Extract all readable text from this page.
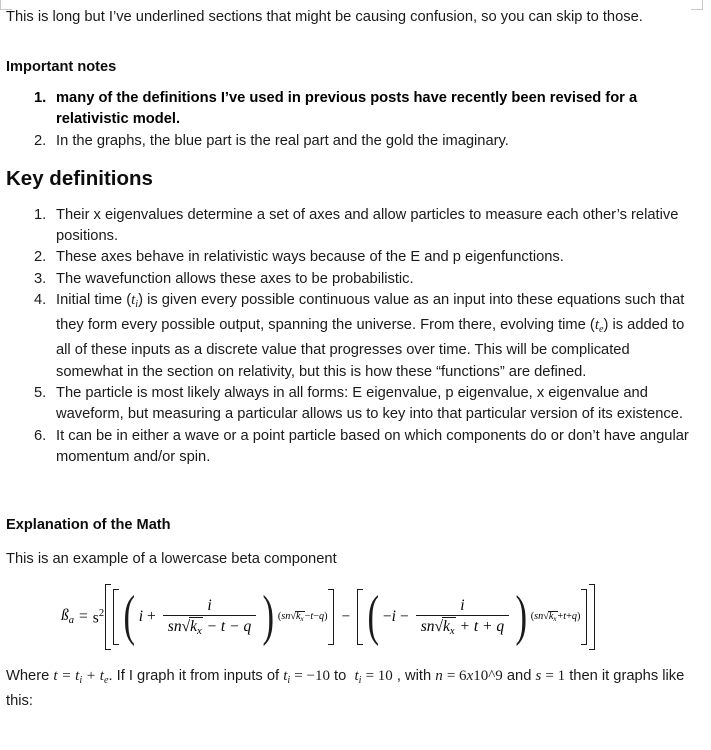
This is long but I’ve underlined sections that might be causing confusion, so you can skip to those.

Important notes
many of the definitions I’ve used in previous posts have recently been revised for a relativistic model.
In the graphs, the blue part is the real part and the gold the imaginary.
Key definitions
Their x eigenvalues determine a set of axes and allow particles to measure each other’s relative positions.
These axes behave in relativistic ways because of the E and p eigenfunctions.
The wavefunction allows these axes to be probabilistic.
Initial time $(t_i)$ is given every possible continuous value as an input into these equations such that they form every possible output, spanning the universe. From there, evolving time $(t_e)$ is added to all of these inputs as a discrete value that progresses over time. This will be complicated somewhat in the section on relativity, but this is how these “functions” are defined.
The particle is most likely always in all forms: E eigenvalue, p eigenvalue, x eigenvalue and waveform, but measuring a particular allows us to key into that particular version of its existence.
It can be in either a wave or a point particle based on which components do or don’t have angular momentum and/or spin.
Explanation of the Math

This is an example of a lowercase beta component

$ß_a = s^2$ ( $i + \frac{i}{sn√k_x - t - q}$ ) $(sn√k_x-t-q)$ − ( − $i - \frac{i}{sn√k_x + t + q}$ ) $(sn√k_x+t+q)$

Where $t = t_i + t_e$. If I graph it from inputs of $t_i = -10$ to  $t_i = 10$ , with n = 6x10^9 and s = 1 then it graphs like this:
